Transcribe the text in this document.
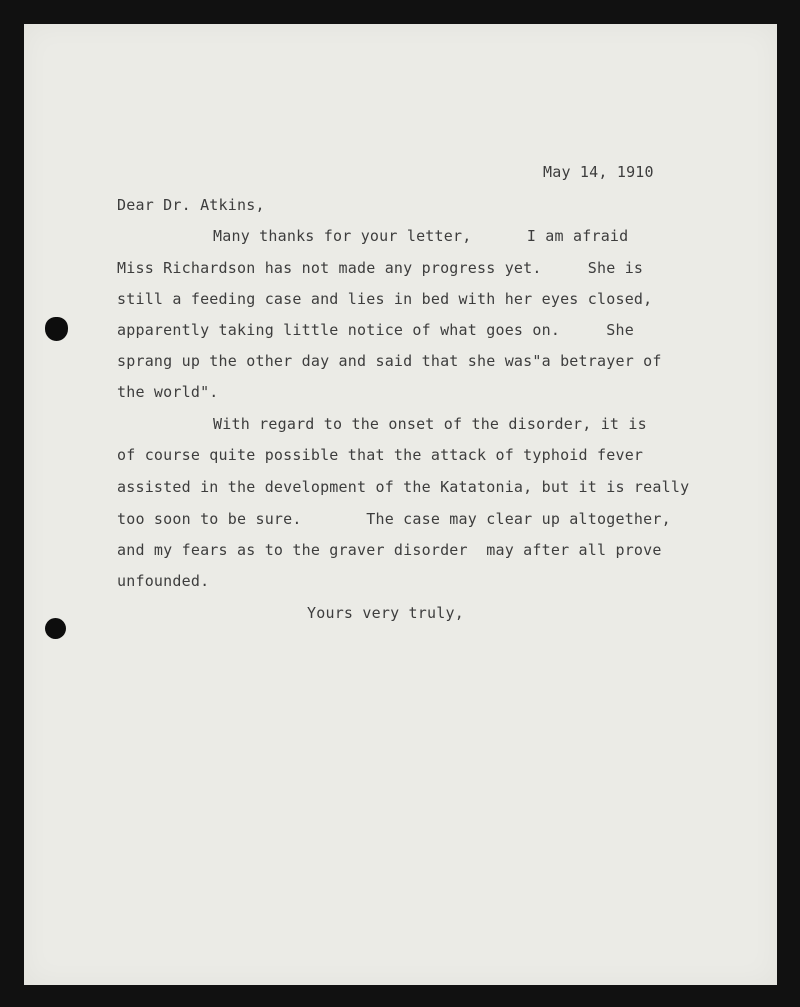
May 14, 1910
Dear Dr. Atkins,
Many thanks for your letter,      I am afraid
Miss Richardson has not made any progress yet.     She is
still a feeding case and lies in bed with her eyes closed,
apparently taking little notice of what goes on.     She
sprang up the other day and said that she was"a betrayer of
the world".
With regard to the onset of the disorder, it is
of course quite possible that the attack of typhoid fever
assisted in the development of the Katatonia, but it is really
too soon to be sure.       The case may clear up altogether,
and my fears as to the graver disorder  may after all prove
unfounded.
Yours very truly,
